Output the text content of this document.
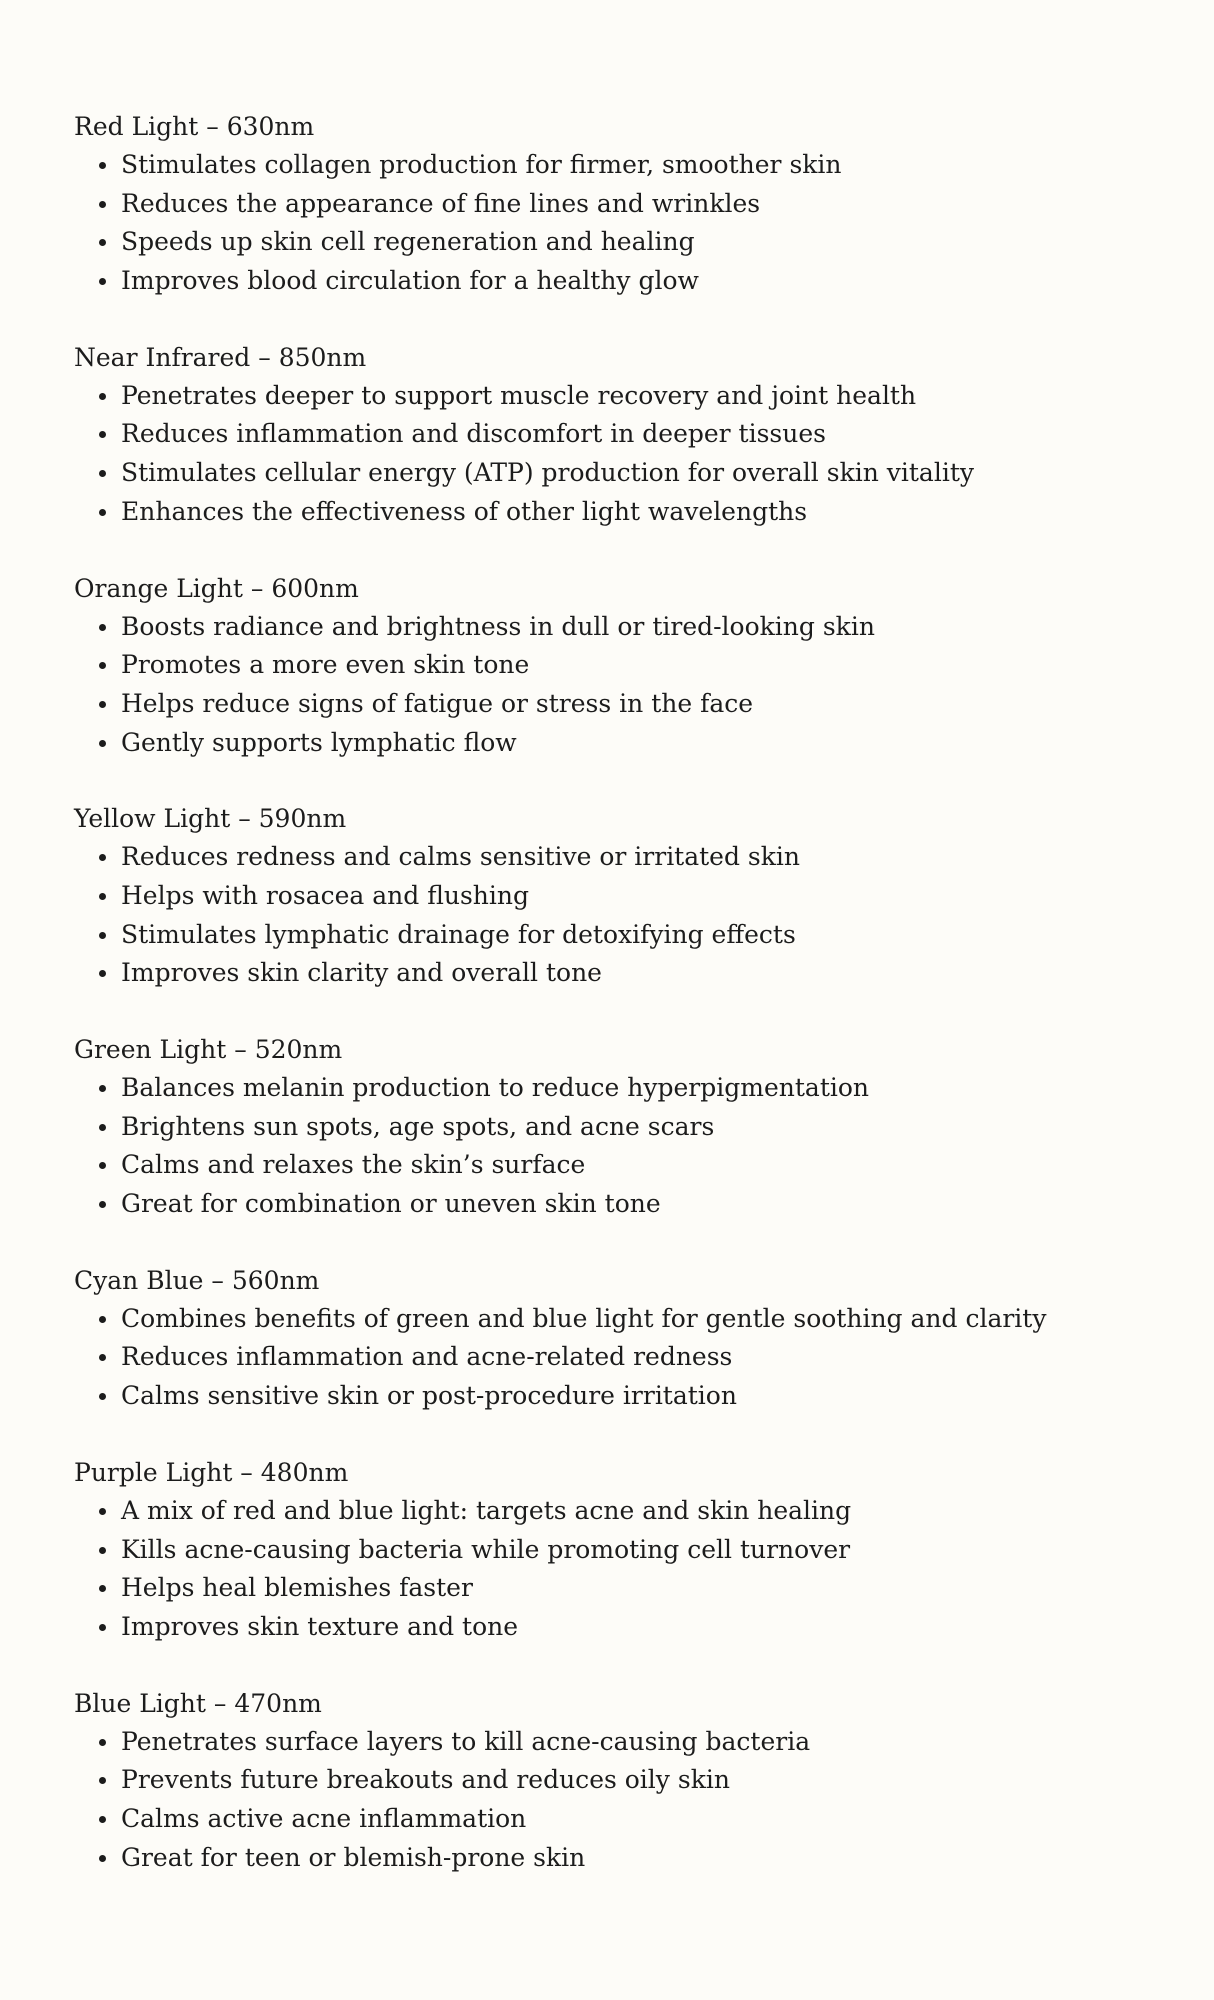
Red Light – 630nm
Stimulates collagen production for firmer, smoother skin
Reduces the appearance of fine lines and wrinkles
Speeds up skin cell regeneration and healing
Improves blood circulation for a healthy glow
Near Infrared – 850nm
Penetrates deeper to support muscle recovery and joint health
Reduces inflammation and discomfort in deeper tissues
Stimulates cellular energy (ATP) production for overall skin vitality
Enhances the effectiveness of other light wavelengths
Orange Light – 600nm
Boosts radiance and brightness in dull or tired-looking skin
Promotes a more even skin tone
Helps reduce signs of fatigue or stress in the face
Gently supports lymphatic flow
Yellow Light – 590nm
Reduces redness and calms sensitive or irritated skin
Helps with rosacea and flushing
Stimulates lymphatic drainage for detoxifying effects
Improves skin clarity and overall tone
Green Light – 520nm
Balances melanin production to reduce hyperpigmentation
Brightens sun spots, age spots, and acne scars
Calms and relaxes the skin’s surface
Great for combination or uneven skin tone
Cyan Blue – 560nm
Combines benefits of green and blue light for gentle soothing and clarity
Reduces inflammation and acne-related redness
Calms sensitive skin or post-procedure irritation
Purple Light – 480nm
A mix of red and blue light: targets acne and skin healing
Kills acne-causing bacteria while promoting cell turnover
Helps heal blemishes faster
Improves skin texture and tone
Blue Light – 470nm
Penetrates surface layers to kill acne-causing bacteria
Prevents future breakouts and reduces oily skin
Calms active acne inflammation
Great for teen or blemish-prone skin
